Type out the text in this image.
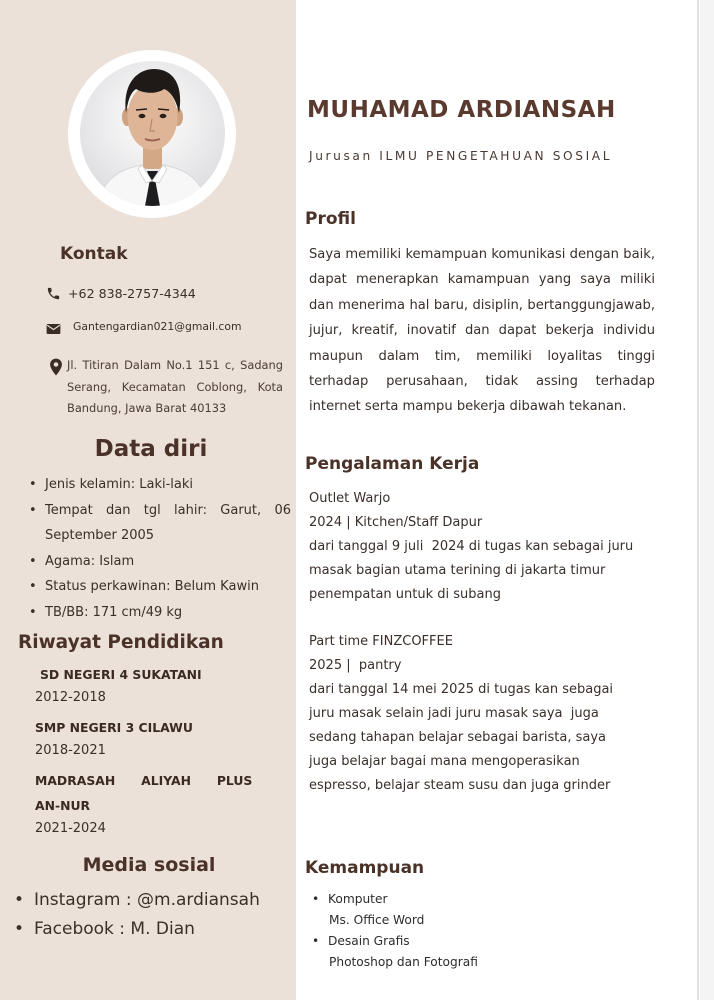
MUHAMAD ARDIANSAH
Jurusan ILMU PENGETAHUAN SOSIAL
Kontak
+62 838-2757-4344
Gantengardian021@gmail.com
Jl. Titiran Dalam No.1 151 c, Sadang Serang, Kecamatan Coblong, Kota Bandung, Jawa Barat 40133
Data diri
• Jenis kelamin: Laki-laki
• Tempat dan tgl lahir: Garut, 06 September 2005
• Agama: Islam
• Status perkawinan: Belum Kawin
• TB/BB: 171 cm/49 kg
Riwayat Pendidikan
SD NEGERI 4 SUKATANI
2012-2018
SMP NEGERI 3 CILAWU
2018-2021
MADRASAH      ALIYAH      PLUS
AN-NUR
2021-2024
Media sosial
• Instagram : @m.ardiansah
• Facebook : M. Dian
Profil
Saya memiliki kemampuan komunikasi dengan baik, dapat menerapkan kamampuan yang saya miliki dan menerima hal baru, disiplin, bertanggungjawab, jujur, kreatif, inovatif dan dapat bekerja individu maupun dalam tim, memiliki loyalitas tinggi terhadap perusahaan, tidak assing terhadap internet serta mampu bekerja dibawah tekanan.
Pengalaman Kerja
Outlet Warjo
2024 | Kitchen/Staff Dapur
dari tanggal 9 juli  2024 di tugas kan sebagai juru
masak bagian utama terining di jakarta timur
penempatan untuk di subang
Part time FINZCOFFEE
2025 |  pantry
dari tanggal 14 mei 2025 di tugas kan sebagai
juru masak selain jadi juru masak saya  juga
sedang tahapan belajar sebagai barista, saya
juga belajar bagai mana mengoperasikan
espresso, belajar steam susu dan juga grinder
Kemampuan
• Komputer
Ms. Office Word
• Desain Grafis
Photoshop dan Fotografi
